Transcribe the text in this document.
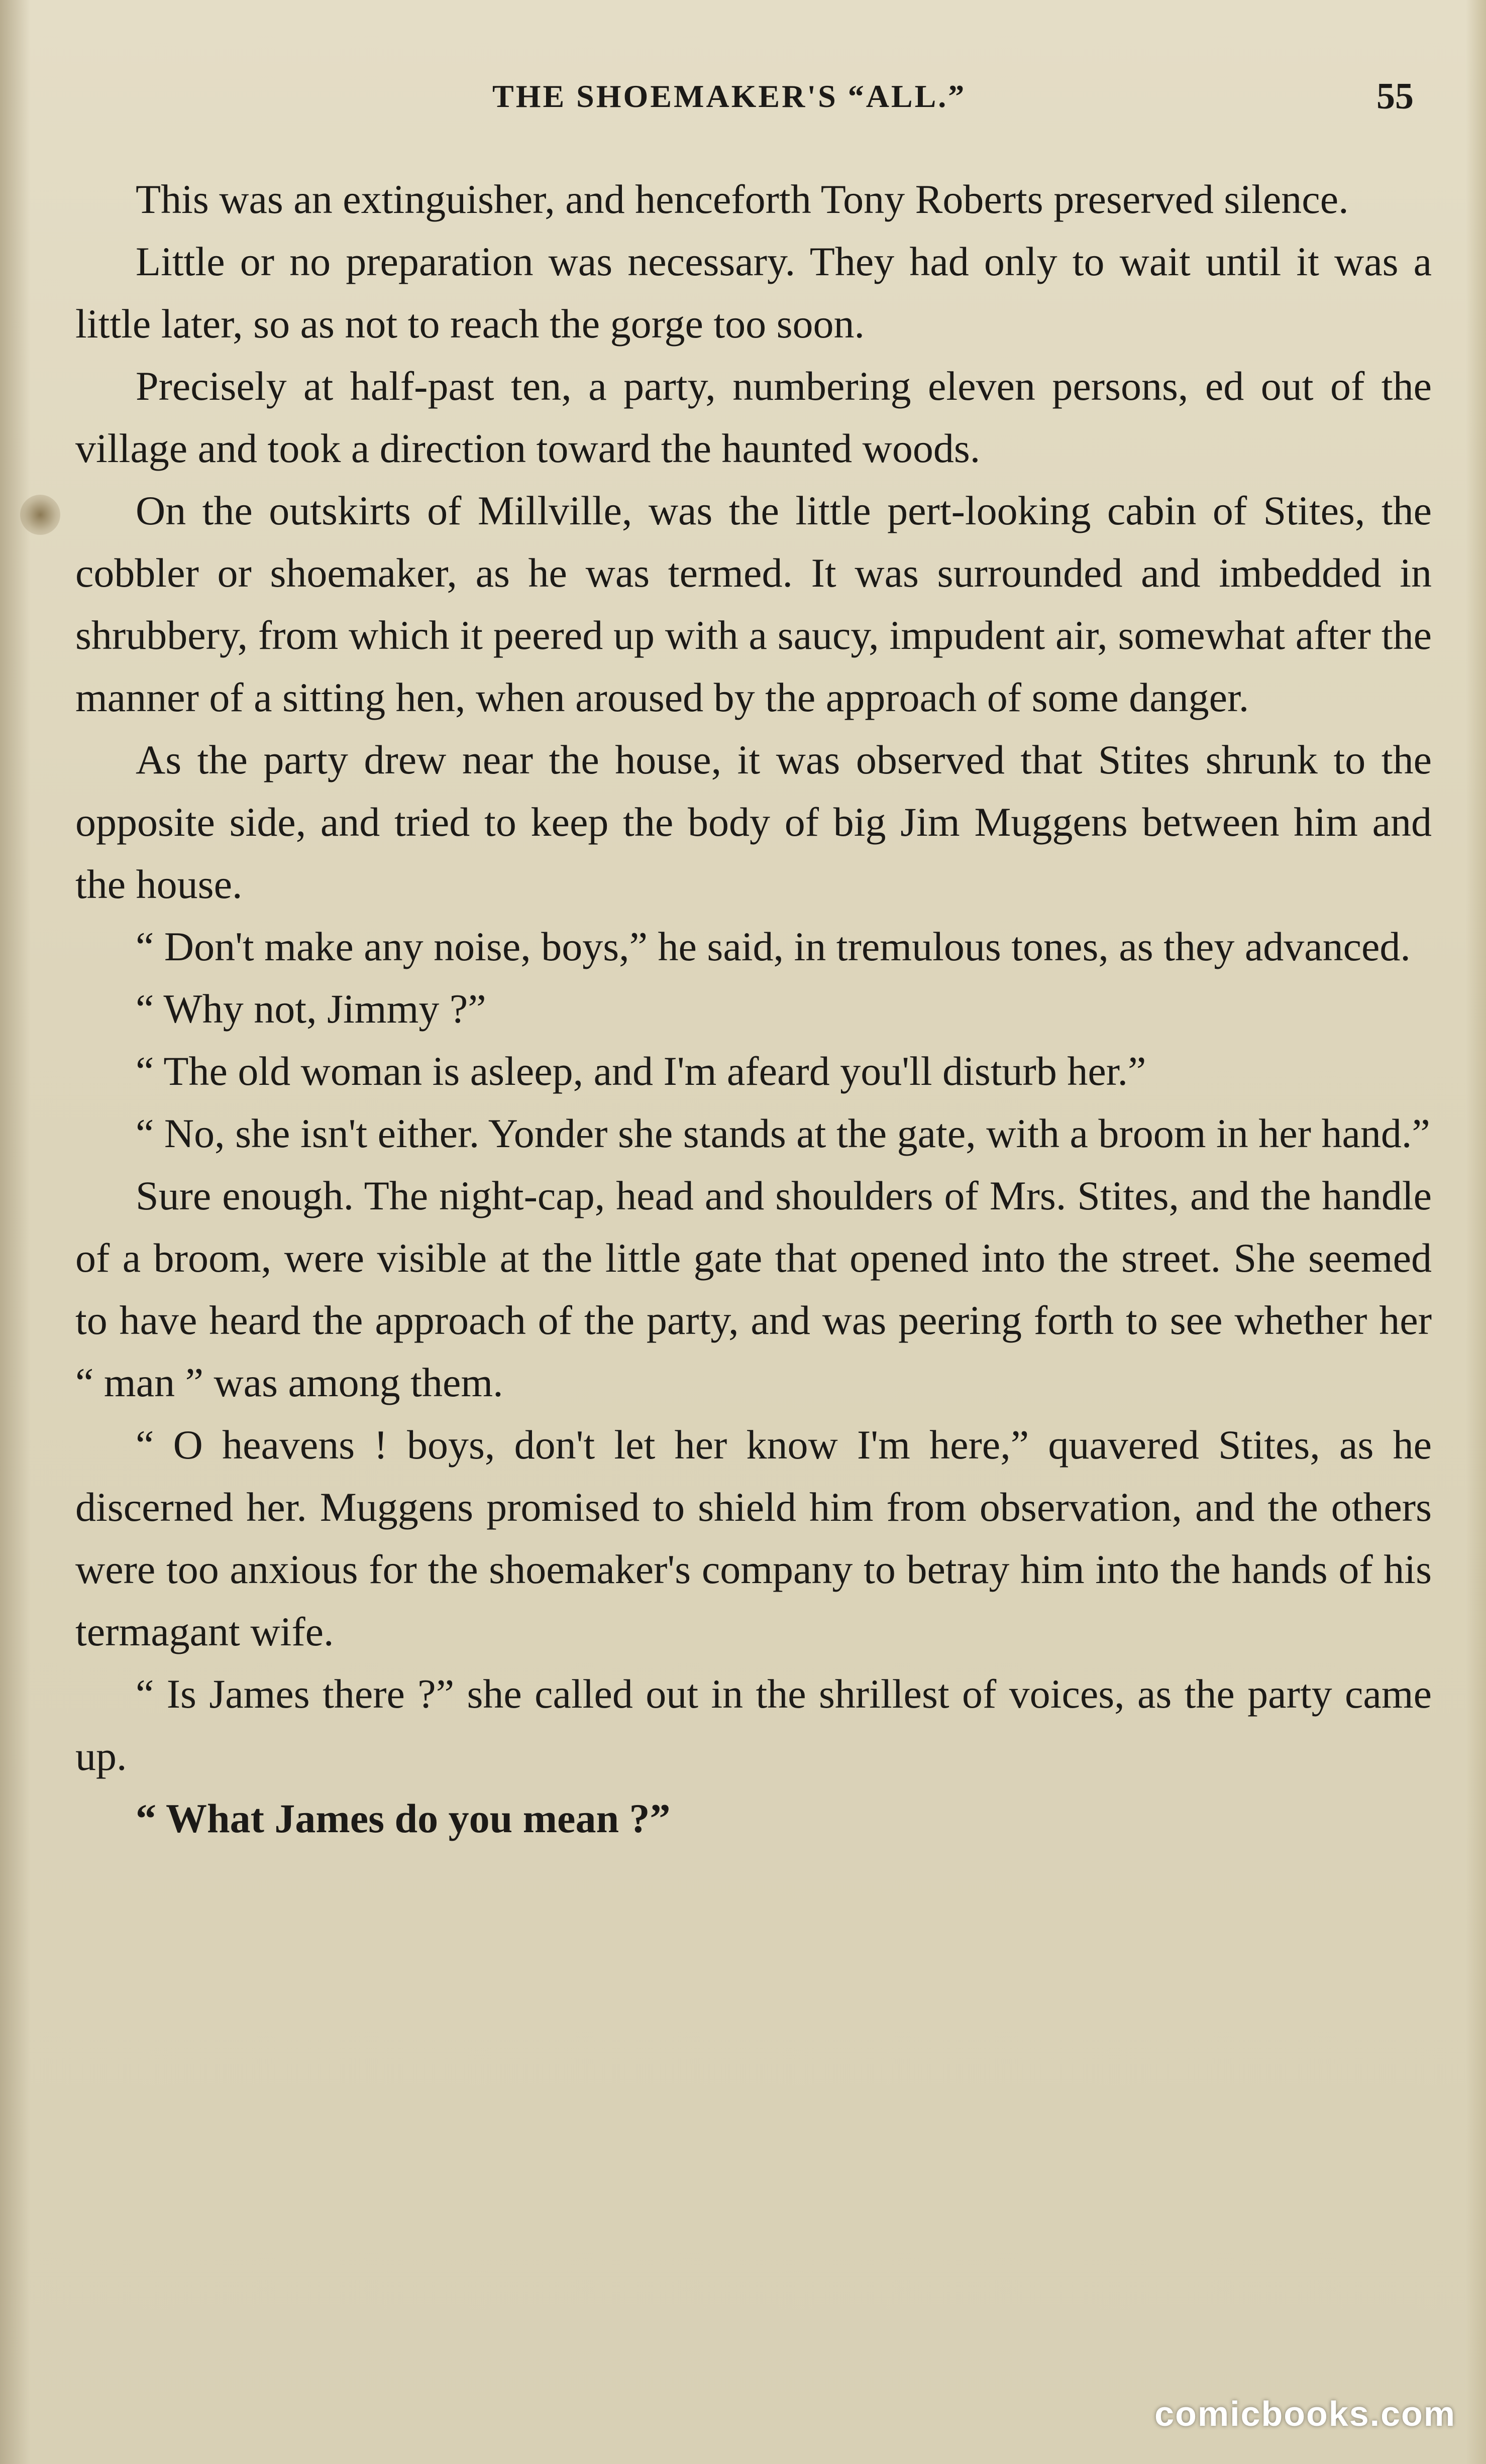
THE SHOEMAKER'S “ALL.”	55

This was an extinguisher, and henceforth Tony Roberts preserved silence.

Little or no preparation was necessary. They had only to wait until it was a little later, so as not to reach the gorge too soon.

Precisely at half-past ten, a party, numbering eleven persons, ed out of the village and took a direction toward the haunted woods.

On the outskirts of Millville, was the little pert-looking cabin of Stites, the cobbler or shoemaker, as he was termed. It was surrounded and imbedded in shrubbery, from which it peered up with a saucy, impudent air, somewhat after the manner of a sitting hen, when aroused by the approach of some danger.

As the party drew near the house, it was observed that Stites shrunk to the opposite side, and tried to keep the body of big Jim Muggens between him and the house.

“ Don't make any noise, boys,” he said, in tremulous tones, as they advanced.

“ Why not, Jimmy ?”

“ The old woman is asleep, and I'm afeard you'll disturb her.”

“ No, she isn't either. Yonder she stands at the gate, with a broom in her hand.”

Sure enough. The night-cap, head and shoulders of Mrs. Stites, and the handle of a broom, were visible at the little gate that opened into the street. She seemed to have heard the approach of the party, and was peering forth to see whether her “ man ” was among them.

“ O heavens ! boys, don't let her know I'm here,” quavered Stites, as he discerned her. Muggens promised to shield him from observation, and the others were too anxious for the shoemaker's company to betray him into the hands of his termagant wife.

“ Is James there ?” she called out in the shrillest of voices, as the party came up.

“ What James do you mean ?”

comicbooks.com
